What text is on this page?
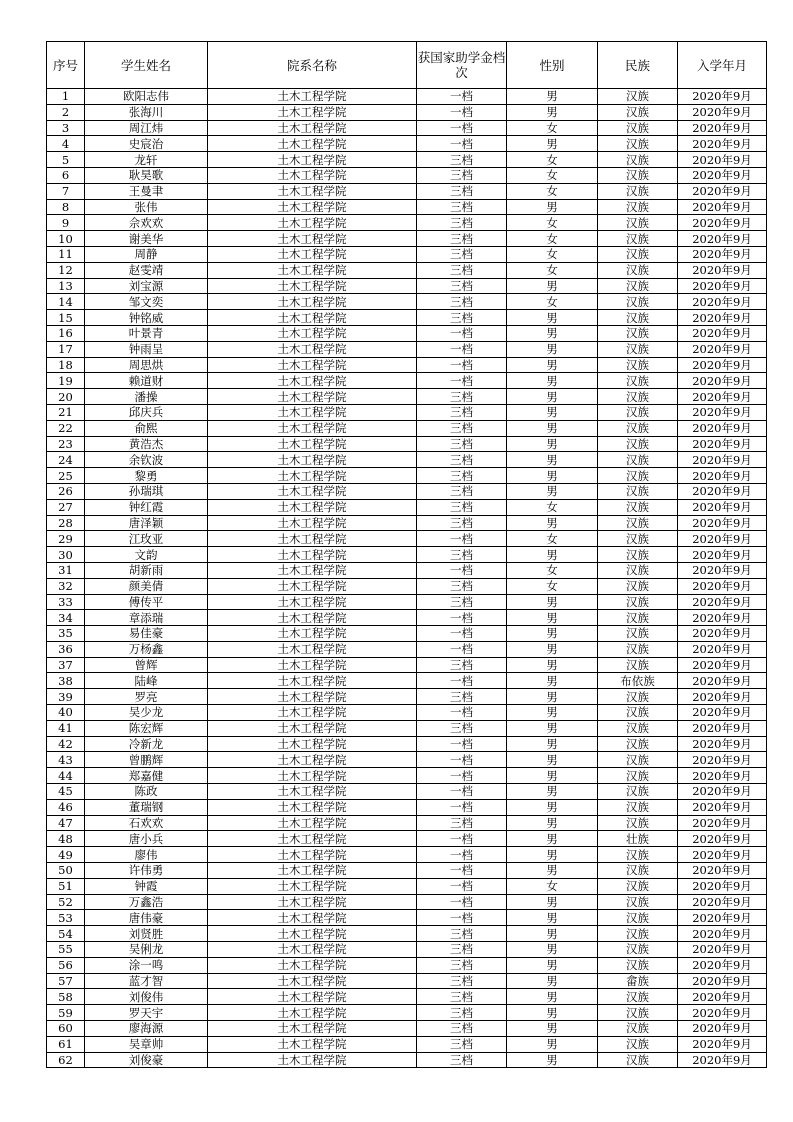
序号	学生姓名	院系名称	获国家助学金档次	性别	民族	入学年月
1	欧阳志伟	土木工程学院	一档	男	汉族	2020年9月
2	张海川	土木工程学院	一档	男	汉族	2020年9月
3	周江炜	土木工程学院	一档	女	汉族	2020年9月
4	史宸治	土木工程学院	一档	男	汉族	2020年9月
5	龙轩	土木工程学院	三档	女	汉族	2020年9月
6	耿昊歌	土木工程学院	三档	女	汉族	2020年9月
7	王曼聿	土木工程学院	三档	女	汉族	2020年9月
8	张伟	土木工程学院	三档	男	汉族	2020年9月
9	佘欢欢	土木工程学院	三档	女	汉族	2020年9月
10	谢美华	土木工程学院	三档	女	汉族	2020年9月
11	周静	土木工程学院	三档	女	汉族	2020年9月
12	赵雯靖	土木工程学院	三档	女	汉族	2020年9月
13	刘宝源	土木工程学院	三档	男	汉族	2020年9月
14	邹文奕	土木工程学院	三档	女	汉族	2020年9月
15	钟铭威	土木工程学院	三档	男	汉族	2020年9月
16	叶景青	土木工程学院	一档	男	汉族	2020年9月
17	钟雨呈	土木工程学院	一档	男	汉族	2020年9月
18	周思烘	土木工程学院	一档	男	汉族	2020年9月
19	赖道财	土木工程学院	一档	男	汉族	2020年9月
20	潘操	土木工程学院	三档	男	汉族	2020年9月
21	邱庆兵	土木工程学院	三档	男	汉族	2020年9月
22	俞熙	土木工程学院	三档	男	汉族	2020年9月
23	黄浩杰	土木工程学院	三档	男	汉族	2020年9月
24	余钦波	土木工程学院	三档	男	汉族	2020年9月
25	黎勇	土木工程学院	三档	男	汉族	2020年9月
26	孙瑞琪	土木工程学院	三档	男	汉族	2020年9月
27	钟红霞	土木工程学院	三档	女	汉族	2020年9月
28	唐泽颖	土木工程学院	三档	男	汉族	2020年9月
29	江玫亚	土木工程学院	一档	女	汉族	2020年9月
30	文韵	土木工程学院	三档	男	汉族	2020年9月
31	胡新雨	土木工程学院	一档	女	汉族	2020年9月
32	颜美倩	土木工程学院	三档	女	汉族	2020年9月
33	傅传平	土木工程学院	三档	男	汉族	2020年9月
34	章添瑞	土木工程学院	一档	男	汉族	2020年9月
35	易佳豪	土木工程学院	一档	男	汉族	2020年9月
36	万杨鑫	土木工程学院	一档	男	汉族	2020年9月
37	曾辉	土木工程学院	三档	男	汉族	2020年9月
38	陆峰	土木工程学院	一档	男	布依族	2020年9月
39	罗亮	土木工程学院	三档	男	汉族	2020年9月
40	吴少龙	土木工程学院	一档	男	汉族	2020年9月
41	陈宏辉	土木工程学院	三档	男	汉族	2020年9月
42	冷新龙	土木工程学院	一档	男	汉族	2020年9月
43	曾鹏辉	土木工程学院	一档	男	汉族	2020年9月
44	郑嘉健	土木工程学院	一档	男	汉族	2020年9月
45	陈政	土木工程学院	一档	男	汉族	2020年9月
46	董瑞钢	土木工程学院	一档	男	汉族	2020年9月
47	石欢欢	土木工程学院	三档	男	汉族	2020年9月
48	唐小兵	土木工程学院	一档	男	壮族	2020年9月
49	廖伟	土木工程学院	一档	男	汉族	2020年9月
50	许伟勇	土木工程学院	一档	男	汉族	2020年9月
51	钟霞	土木工程学院	一档	女	汉族	2020年9月
52	万鑫浩	土木工程学院	一档	男	汉族	2020年9月
53	唐伟豪	土木工程学院	一档	男	汉族	2020年9月
54	刘贤胜	土木工程学院	三档	男	汉族	2020年9月
55	吴俐龙	土木工程学院	三档	男	汉族	2020年9月
56	涂一鸣	土木工程学院	三档	男	汉族	2020年9月
57	蓝才智	土木工程学院	三档	男	畲族	2020年9月
58	刘俊伟	土木工程学院	三档	男	汉族	2020年9月
59	罗天宇	土木工程学院	三档	男	汉族	2020年9月
60	廖海源	土木工程学院	三档	男	汉族	2020年9月
61	吴章帅	土木工程学院	三档	男	汉族	2020年9月
62	刘俊豪	土木工程学院	三档	男	汉族	2020年9月
